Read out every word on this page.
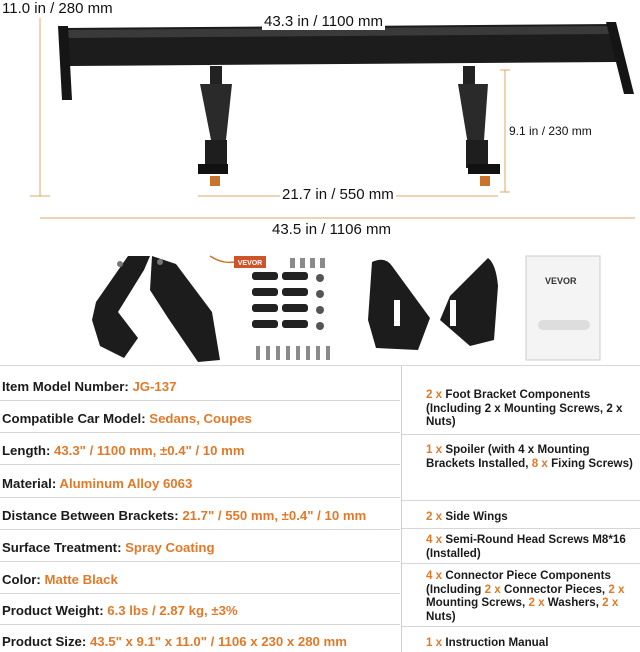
VEVOR
VEVOR
11.0 in / 280 mm
43.3 in / 1100 mm
9.1 in / 230 mm
21.7 in / 550 mm
43.5 in / 1106 mm
Item Model Number: JG-137
Compatible Car Model: Sedans, Coupes
Length: 43.3" / 1100 mm, ±0.4" / 10 mm
Material: Aluminum Alloy 6063
Distance Between Brackets: 21.7" / 550 mm, ±0.4" / 10 mm
Surface Treatment: Spray Coating
Color: Matte Black
Product Weight: 6.3 lbs / 2.87 kg, ±3%
Product Size: 43.5" x 9.1" x 11.0" / 1106 x 230 x 280 mm
2 x Foot Bracket Components (Including 2 x Mounting Screws, 2 x Nuts)
1 x Spoiler (with 4 x Mounting Brackets Installed, 8 x Fixing Screws)
2 x Side Wings
4 x Semi-Round Head Screws M8*16 (Installed)
4 x Connector Piece Components (Including 2 x Connector Pieces, 2 x Mounting Screws, 2 x Washers, 2 x Nuts)
1 x Instruction Manual
